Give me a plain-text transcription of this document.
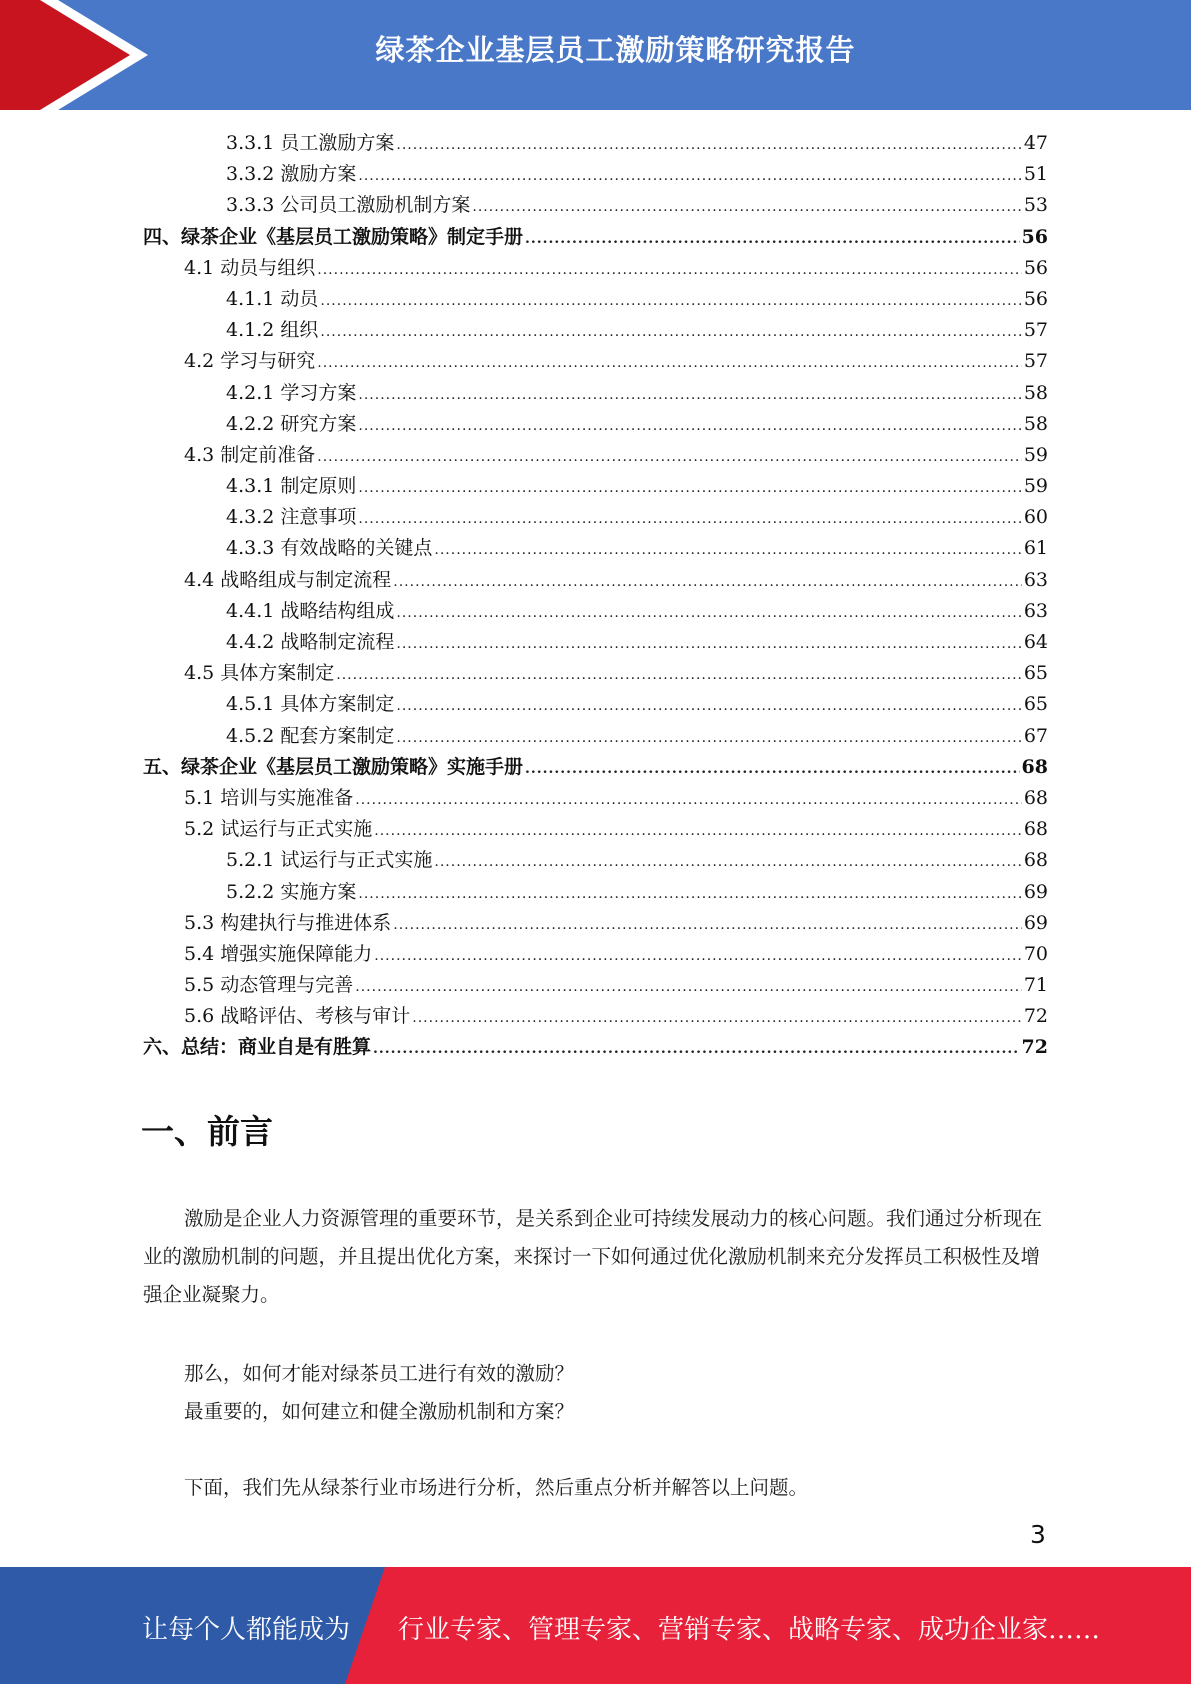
绿茶企业基层员工激励策略研究报告
3.3.1 员工激励方案 .....	47
3.3.2 激励方案 .....	51
3.3.3 公司员工激励机制方案 .....	53
四、绿茶企业《基层员工激励策略》制定手册 .....	56
4.1 动员与组织 .....	56
4.1.1 动员 .....	56
4.1.2 组织 .....	57
4.2 学习与研究 .....	57
4.2.1 学习方案 .....	58
4.2.2 研究方案 .....	58
4.3 制定前准备 .....	59
4.3.1 制定原则 .....	59
4.3.2 注意事项 .....	60
4.3.3 有效战略的关键点 .....	61
4.4 战略组成与制定流程 .....	63
4.4.1 战略结构组成 .....	63
4.4.2 战略制定流程 .....	64
4.5 具体方案制定 .....	65
4.5.1 具体方案制定 .....	65
4.5.2 配套方案制定 .....	67
五、绿茶企业《基层员工激励策略》实施手册 .....	68
5.1 培训与实施准备 .....	68
5.2 试运行与正式实施 .....	68
5.2.1 试运行与正式实施 .....	68
5.2.2 实施方案 .....	69
5.3 构建执行与推进体系 .....	69
5.4 增强实施保障能力 .....	70
5.5 动态管理与完善 .....	71
5.6 战略评估、考核与审计 .....	72
六、总结：商业自是有胜算 .....	72
一、前言
激励是企业人力资源管理的重要环节，是关系到企业可持续发展动力的核心问题。我们通过分析现在业的激励机制的问题，并且提出优化方案，来探讨一下如何通过优化激励机制来充分发挥员工积极性及增强企业凝聚力。
那么，如何才能对绿茶员工进行有效的激励？
最重要的，如何建立和健全激励机制和方案？
下面，我们先从绿茶行业市场进行分析，然后重点分析并解答以上问题。
3
让每个人都能成为 行业专家、管理专家、营销专家、战略专家、成功企业家……
